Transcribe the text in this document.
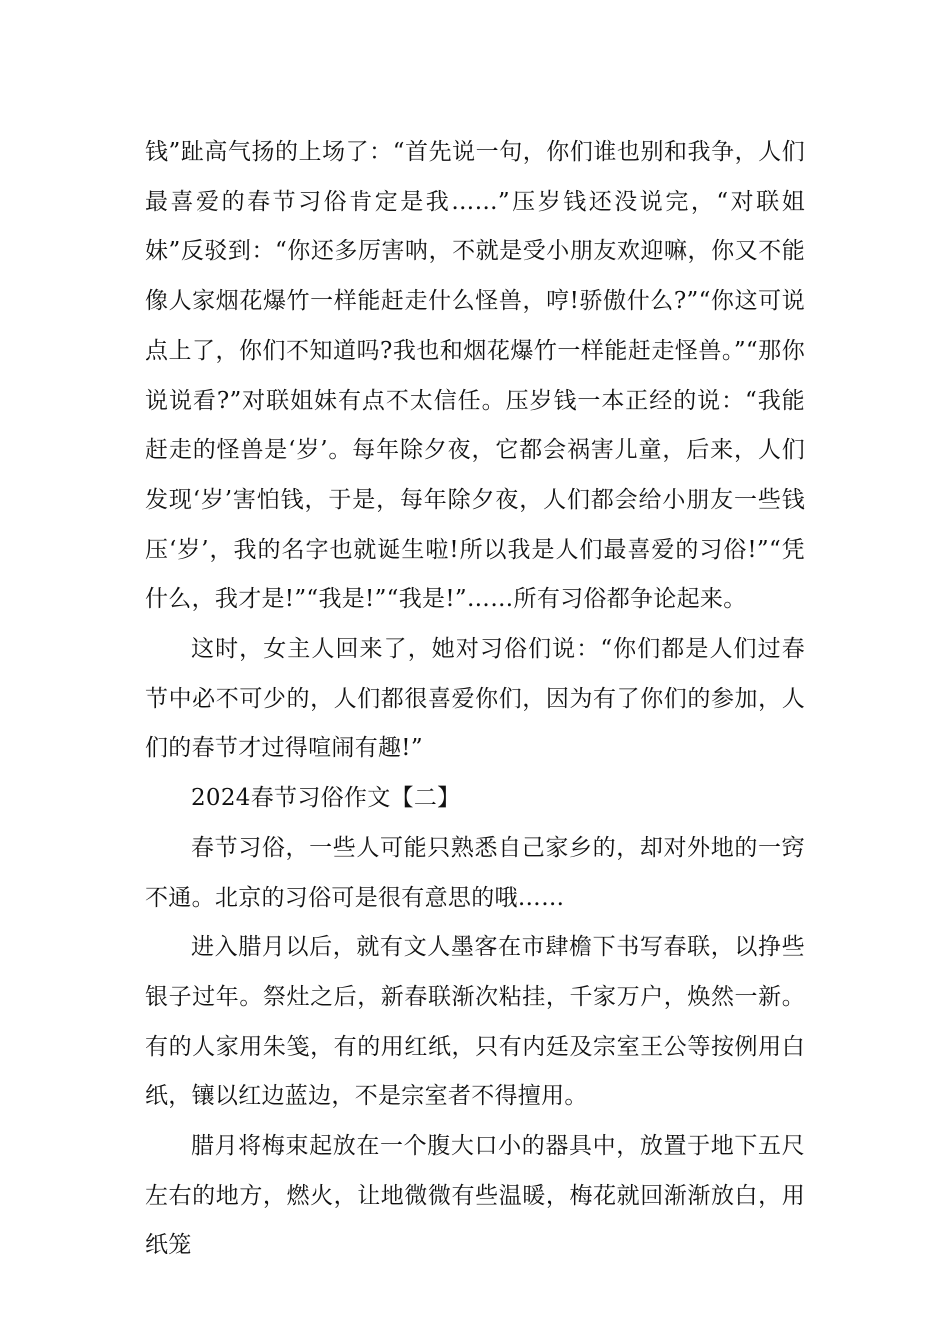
钱”趾高气扬的上场了：“首先说一句，你们谁也别和我争，人们最喜爱的春节习俗肯定是我……”压岁钱还没说完，“对联姐妹”反驳到：“你还多厉害呐，不就是受小朋友欢迎嘛，你又不能像人家烟花爆竹一样能赶走什么怪兽，哼!骄傲什么?”“你这可说点上了，你们不知道吗?我也和烟花爆竹一样能赶走怪兽。”“那你说说看?”对联姐妹有点不太信任。压岁钱一本正经的说：“我能赶走的怪兽是‘岁’。每年除夕夜，它都会祸害儿童，后来，人们发现‘岁’害怕钱，于是，每年除夕夜，人们都会给小朋友一些钱压‘岁’，我的名字也就诞生啦!所以我是人们最喜爱的习俗!”“凭什么，我才是!”“我是!”“我是!”……所有习俗都争论起来。

这时，女主人回来了，她对习俗们说：“你们都是人们过春节中必不可少的，人们都很喜爱你们，因为有了你们的参加，人们的春节才过得喧闹有趣!”

2024春节习俗作文【二】

春节习俗，一些人可能只熟悉自己家乡的，却对外地的一窍不通。北京的习俗可是很有意思的哦……

进入腊月以后，就有文人墨客在市肆檐下书写春联，以挣些银子过年。祭灶之后，新春联渐次粘挂，千家万户，焕然一新。有的人家用朱笺，有的用红纸，只有内廷及宗室王公等按例用白纸，镶以红边蓝边，不是宗室者不得擅用。

腊月将梅束起放在一个腹大口小的器具中，放置于地下五尺左右的地方，燃火，让地微微有些温暖，梅花就回渐渐放白，用纸笼
